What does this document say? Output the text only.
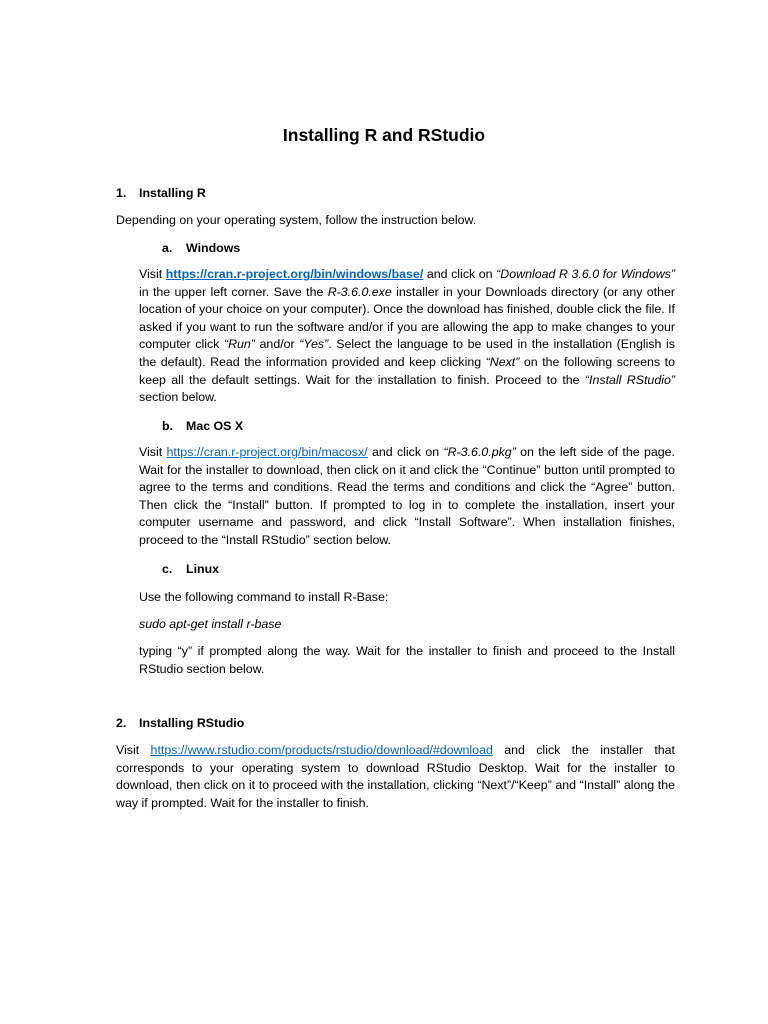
Installing R and RStudio
1. Installing R
Depending on your operating system, follow the instruction below.
a. Windows
Visit https://cran.r-project.org/bin/windows/base/ and click on “Download R 3.6.0 for Windows” in the upper left corner. Save the R-3.6.0.exe installer in your Downloads directory (or any other location of your choice on your computer). Once the download has finished, double click the file. If asked if you want to run the software and/or if you are allowing the app to make changes to your computer click “Run” and/or “Yes”. Select the language to be used in the installation (English is the default). Read the information provided and keep clicking “Next” on the following screens to keep all the default settings. Wait for the installation to finish. Proceed to the “Install RStudio” section below.
b. Mac OS X
Visit https://cran.r-project.org/bin/macosx/ and click on “R-3.6.0.pkg” on the left side of the page. Wait for the installer to download, then click on it and click the “Continue” button until prompted to agree to the terms and conditions. Read the terms and conditions and click the “Agree” button. Then click the “Install” button. If prompted to log in to complete the installation, insert your computer username and password, and click “Install Software”. When installation finishes, proceed to the “Install RStudio” section below.
c. Linux
Use the following command to install R-Base:
sudo apt-get install r-base
typing “y” if prompted along the way. Wait for the installer to finish and proceed to the Install RStudio section below.
2. Installing RStudio
Visit https://www.rstudio.com/products/rstudio/download/#download and click the installer that corresponds to your operating system to download RStudio Desktop. Wait for the installer to download, then click on it to proceed with the installation, clicking “Next”/“Keep” and “Install” along the way if prompted. Wait for the installer to finish.
